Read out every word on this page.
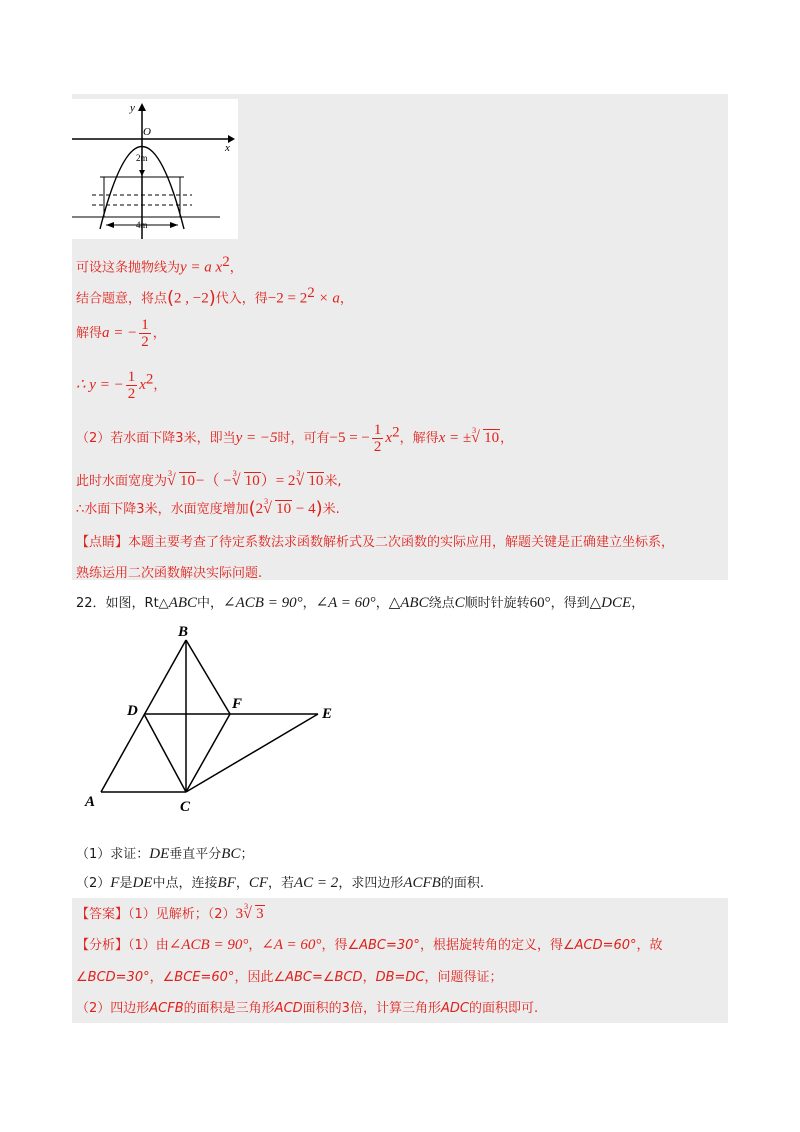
y
O
x
2m
4m
可设这条抛物线为y = a $x^2$，
结合题意，将点(2 , −2)代入，得$-2 = 2^2 \times a$，
解得a = − $\frac{1}{2}$ ，
∴ y = − $\frac{1}{2} x^2$，
（2）若水面下降3米，即当y = −5时，可有−5 = − $\frac{1}{2} x^2$，解得x = ± √ 3 10，
此时水面宽度为
√ 3 10−（ − √ 3 10）= 2 √ 3 10米,
∴水面下降3米，水面宽度增加(2 √ 3 10 − 4)米.
【点睛】本题主要考查了待定系数法求函数解析式及二次函数的实际应用，解题关键是正确建立坐标系，
熟练运用二次函数解决实际问题.
22．如图，Rt△ABC中，∠ACB = 90°，∠A = 60°，△ABC绕点C顺时针旋转60°，得到△DCE，
A
B
C
D	E
F
（1）求证：DE垂直平分BC；
（2）F是DE中点，连接BF，CF，若AC = 2，求四边形ACFB的面积.
【答案】（1）见解析；（2）3 √ 3 3
【分析】（1）由∠ACB = 90°，∠A = 60°，得∠ABC=30°，根据旋转角的定义，得∠ACD=60°，故
∠BCD=30°，∠BCE=60°，因此∠ABC=∠BCD，DB=DC，问题得证；
（2）四边形ACFB的面积是三角形ACD面积的3倍，计算三角形ADC的面积即可.
